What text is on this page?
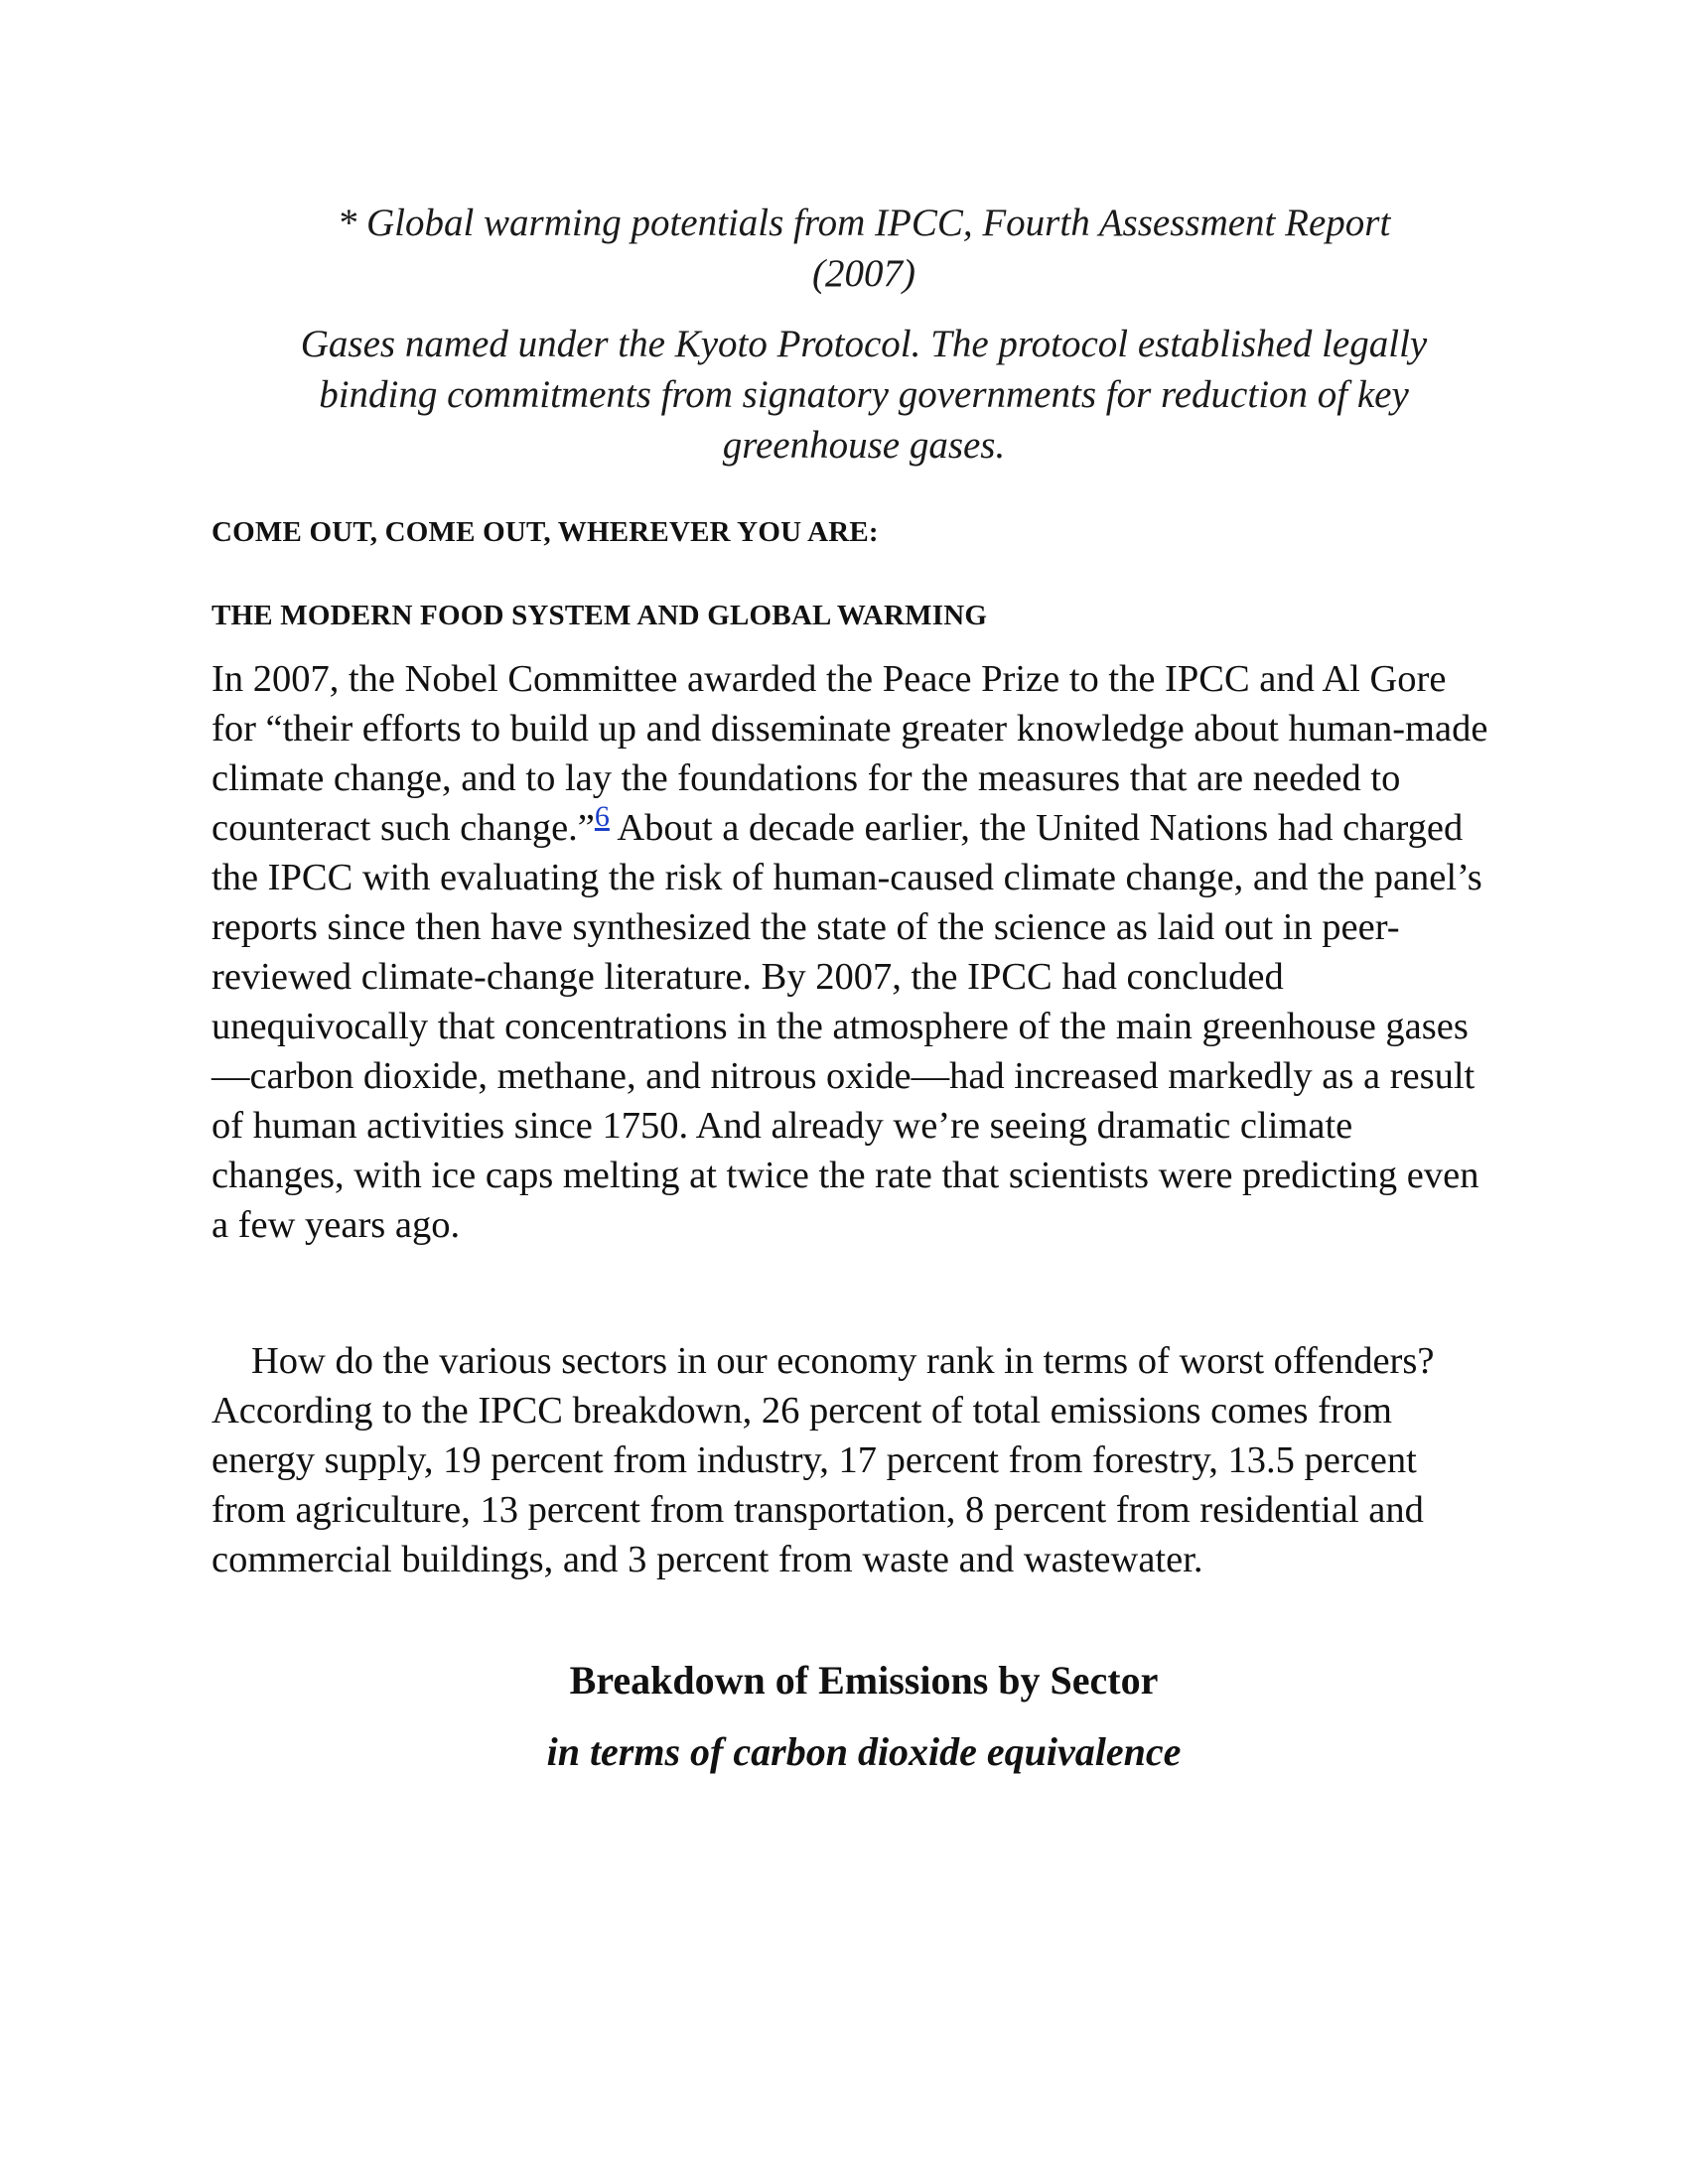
* Global warming potentials from IPCC, Fourth Assessment Report (2007)
Gases named under the Kyoto Protocol. The protocol established legally binding commitments from signatory governments for reduction of key greenhouse gases.
COME OUT, COME OUT, WHEREVER YOU ARE:
THE MODERN FOOD SYSTEM AND GLOBAL WARMING

In 2007, the Nobel Committee awarded the Peace Prize to the IPCC and Al Gore for “their efforts to build up and disseminate greater knowledge about human-made climate change, and to lay the foundations for the measures that are needed to counteract such change.”$^6$ About a decade earlier, the United Nations had charged the IPCC with evaluating the risk of human-caused climate change, and the panel’s reports since then have synthesized the state of the science as laid out in peer-reviewed climate-change literature. By 2007, the IPCC had concluded unequivocally that concentrations in the atmosphere of the main greenhouse gases—carbon dioxide, methane, and nitrous oxide—had increased markedly as a result of human activities since 1750. And already we’re seeing dramatic climate changes, with ice caps melting at twice the rate that scientists were predicting even a few years ago.

How do the various sectors in our economy rank in terms of worst offenders? According to the IPCC breakdown, 26 percent of total emissions comes from energy supply, 19 percent from industry, 17 percent from forestry, 13.5 percent from agriculture, 13 percent from transportation, 8 percent from residential and commercial buildings, and 3 percent from waste and wastewater.

Breakdown of Emissions by Sector
in terms of carbon dioxide equivalence
